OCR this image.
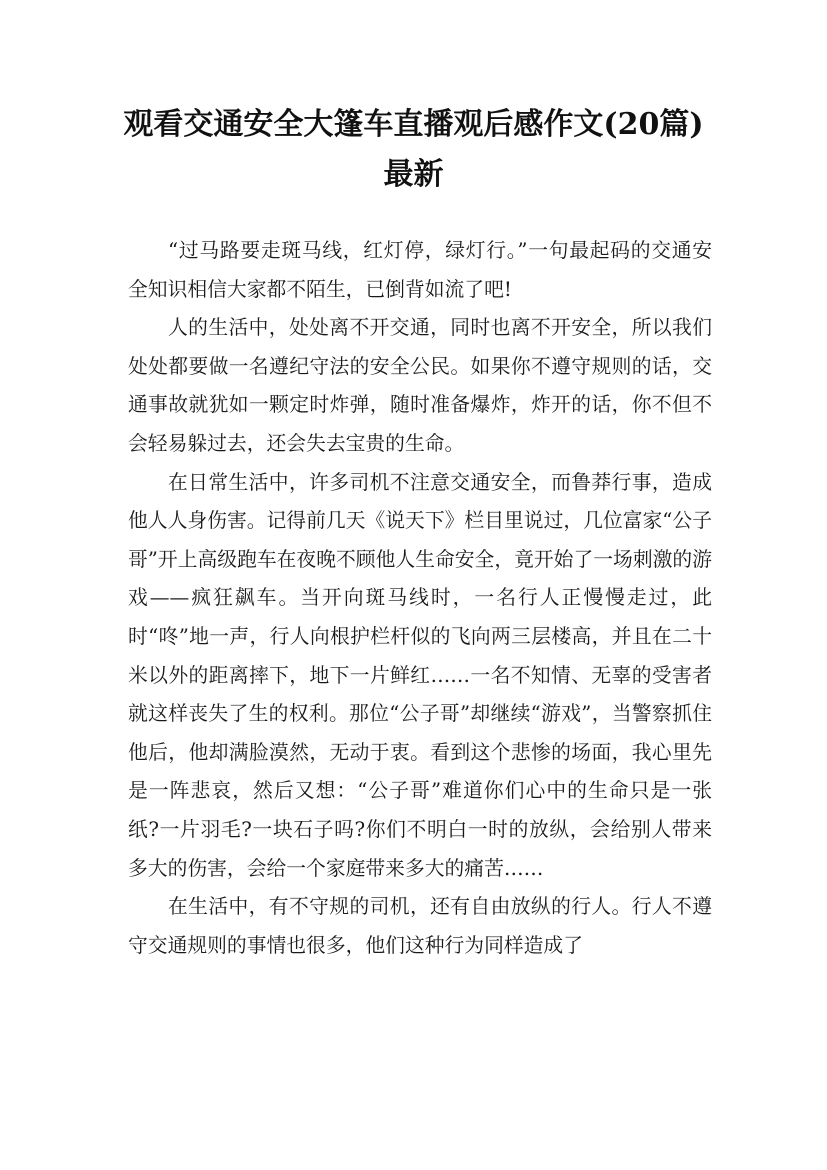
观看交通安全大篷车直播观后感作文(20篇)
最新

“过马路要走斑马线，红灯停，绿灯行。”一句最起码的交通安全知识相信大家都不陌生，已倒背如流了吧!

人的生活中，处处离不开交通，同时也离不开安全，所以我们处处都要做一名遵纪守法的安全公民。如果你不遵守规则的话，交通事故就犹如一颗定时炸弹，随时准备爆炸，炸开的话，你不但不会轻易躲过去，还会失去宝贵的生命。

在日常生活中，许多司机不注意交通安全，而鲁莽行事，造成他人人身伤害。记得前几天《说天下》栏目里说过，几位富家“公子哥”开上高级跑车在夜晚不顾他人生命安全，竟开始了一场刺激的游戏——疯狂飙车。当开向斑马线时，一名行人正慢慢走过，此时“咚”地一声，行人向根护栏杆似的飞向两三层楼高，并且在二十米以外的距离摔下，地下一片鲜红……一名不知情、无辜的受害者就这样丧失了生的权利。那位“公子哥”却继续“游戏”，当警察抓住他后，他却满脸漠然，无动于衷。看到这个悲惨的场面，我心里先是一阵悲哀，然后又想：“公子哥”难道你们心中的生命只是一张纸?一片羽毛?一块石子吗?你们不明白一时的放纵，会给别人带来多大的伤害，会给一个家庭带来多大的痛苦……

在生活中，有不守规的司机，还有自由放纵的行人。行人不遵守交通规则的事情也很多，他们这种行为同样造成了
